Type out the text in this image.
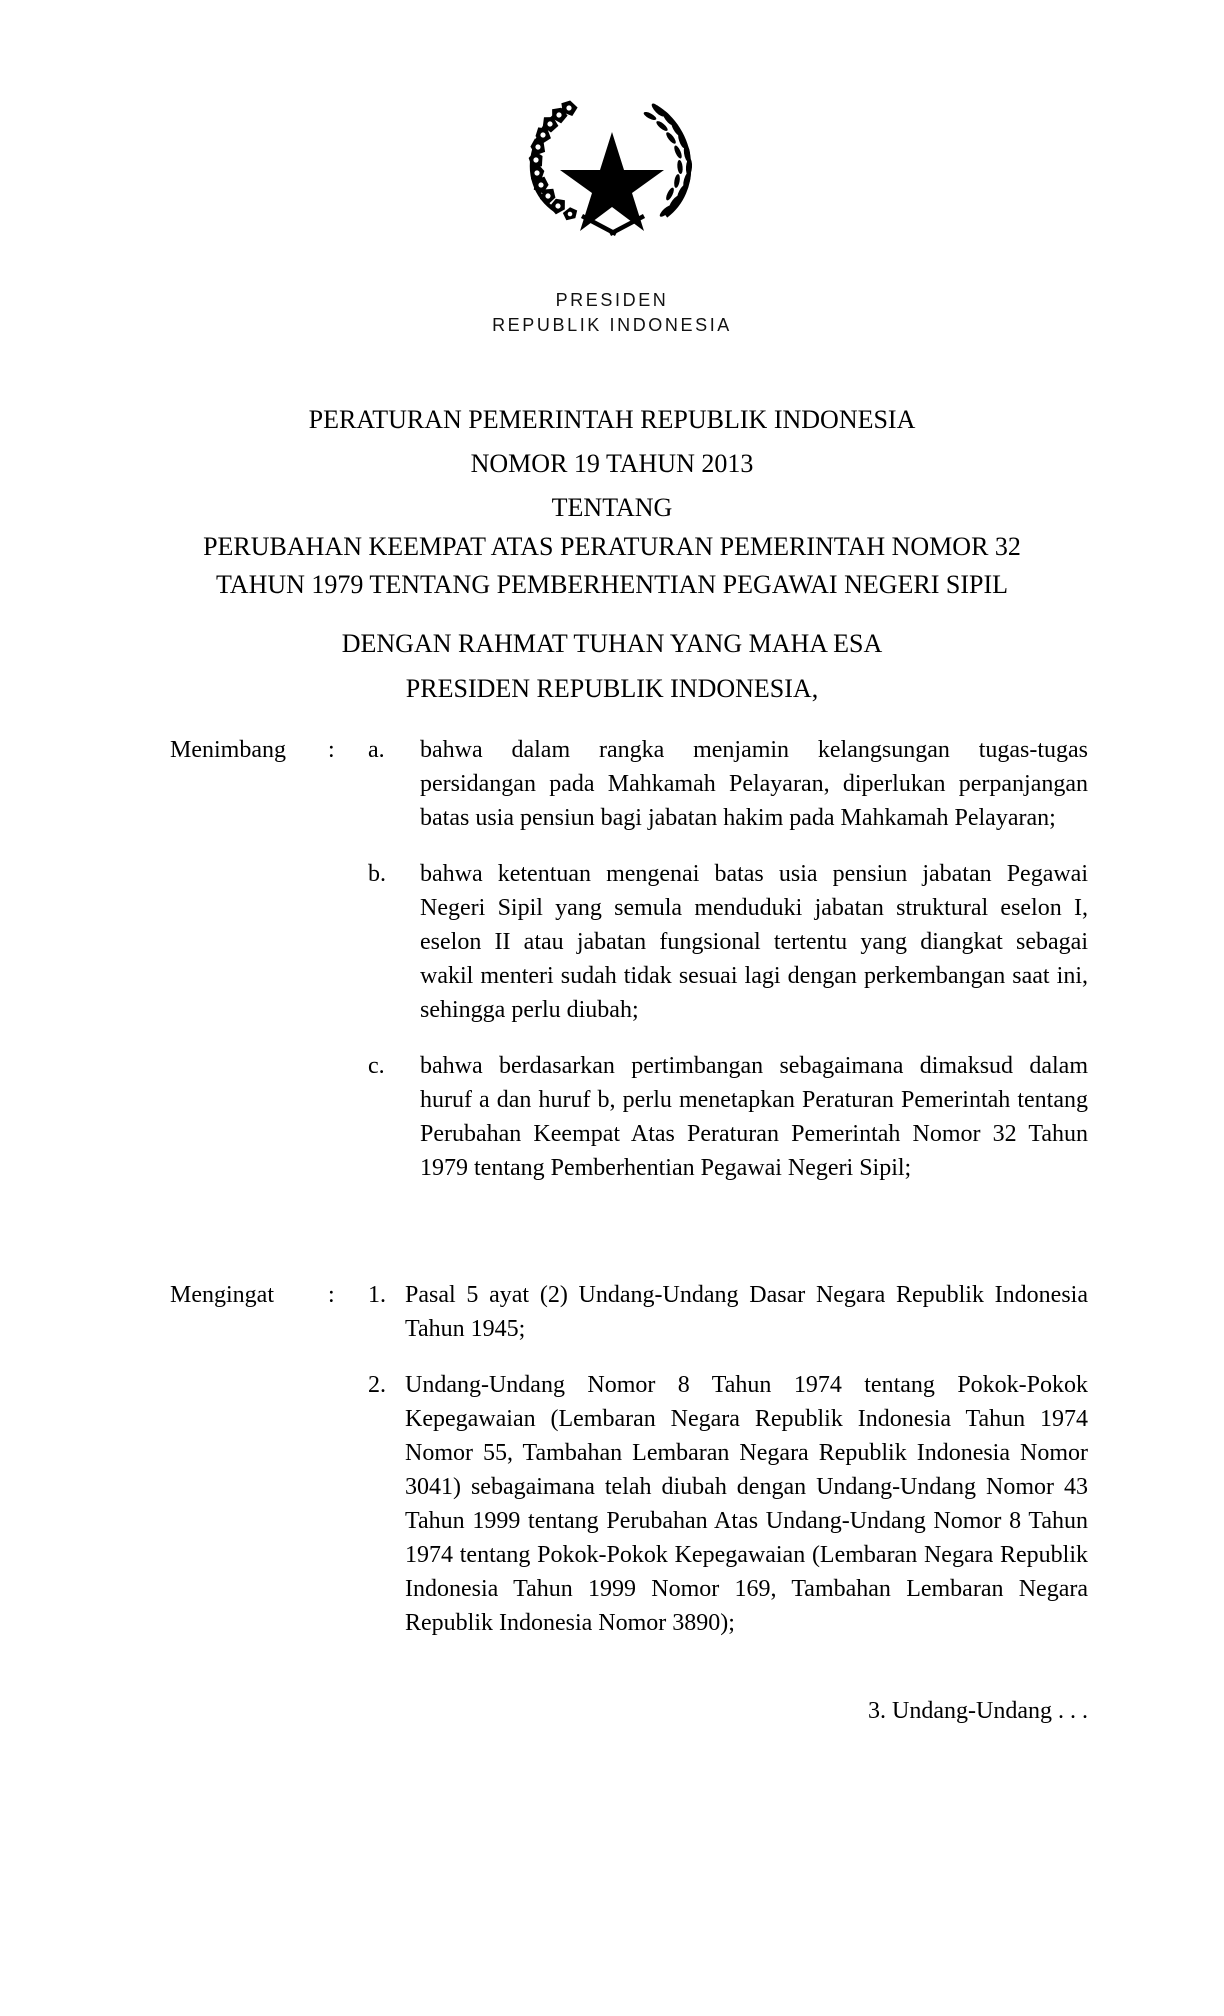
PRESIDEN
REPUBLIK INDONESIA
PERATURAN PEMERINTAH REPUBLIK INDONESIA
NOMOR 19 TAHUN 2013
TENTANG
PERUBAHAN KEEMPAT ATAS PERATURAN PEMERINTAH NOMOR 32
TAHUN 1979 TENTANG PEMBERHENTIAN PEGAWAI NEGERI SIPIL
DENGAN RAHMAT TUHAN YANG MAHA ESA
PRESIDEN REPUBLIK INDONESIA,
Menimbang	:	a.	bahwa dalam rangka menjamin kelangsungan tugas-tugas persidangan pada Mahkamah Pelayaran, diperlukan perpanjangan batas usia pensiun bagi jabatan hakim pada Mahkamah Pelayaran;
b.	bahwa ketentuan mengenai batas usia pensiun jabatan Pegawai Negeri Sipil yang semula menduduki jabatan struktural eselon I, eselon II atau jabatan fungsional tertentu yang diangkat sebagai wakil menteri sudah tidak sesuai lagi dengan perkembangan saat ini, sehingga perlu diubah;
c.	bahwa berdasarkan pertimbangan sebagaimana dimaksud dalam huruf a dan huruf b, perlu menetapkan Peraturan Pemerintah tentang Perubahan Keempat Atas Peraturan Pemerintah Nomor 32 Tahun 1979 tentang Pemberhentian Pegawai Negeri Sipil;
Mengingat	:	1. Pasal 5 ayat (2) Undang-Undang Dasar Negara Republik Indonesia Tahun 1945;
2. Undang-Undang Nomor 8 Tahun 1974 tentang Pokok-Pokok Kepegawaian (Lembaran Negara Republik Indonesia Tahun 1974 Nomor 55, Tambahan Lembaran Negara Republik Indonesia Nomor 3041) sebagaimana telah diubah dengan Undang-Undang Nomor 43 Tahun 1999 tentang Perubahan Atas Undang-Undang Nomor 8 Tahun 1974 tentang Pokok-Pokok Kepegawaian (Lembaran Negara Republik Indonesia Tahun 1999 Nomor 169, Tambahan Lembaran Negara Republik Indonesia Nomor 3890);
3. Undang-Undang . . .
